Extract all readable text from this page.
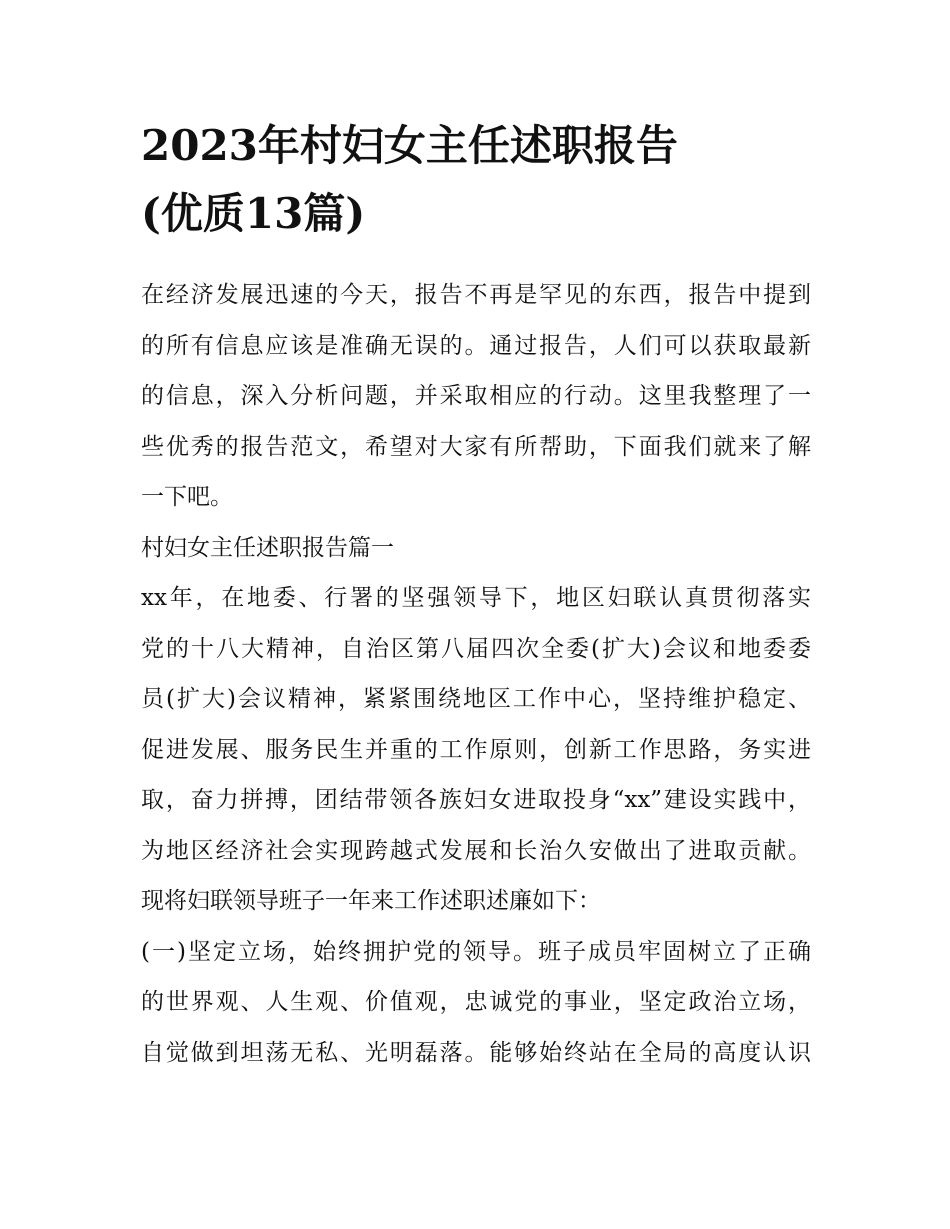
2023年村妇女主任述职报告
(优质13篇)

在经济发展迅速的今天，报告不再是罕见的东西，报告中提到
的所有信息应该是准确无误的。通过报告，人们可以获取最新
的信息，深入分析问题，并采取相应的行动。这里我整理了一
些优秀的报告范文，希望对大家有所帮助，下面我们就来了解
一下吧。

村妇女主任述职报告篇一

xx年，在地委、行署的坚强领导下，地区妇联认真贯彻落实
党的十八大精神，自治区第八届四次全委(扩大)会议和地委委
员(扩大)会议精神，紧紧围绕地区工作中心，坚持维护稳定、
促进发展、服务民生并重的工作原则，创新工作思路，务实进
取，奋力拼搏，团结带领各族妇女进取投身“xx”建设实践中，
为地区经济社会实现跨越式发展和长治久安做出了进取贡献。
现将妇联领导班子一年来工作述职述廉如下：

(一)坚定立场，始终拥护党的领导。班子成员牢固树立了正确
的世界观、人生观、价值观，忠诚党的事业，坚定政治立场，
自觉做到坦荡无私、光明磊落。能够始终站在全局的高度认识
